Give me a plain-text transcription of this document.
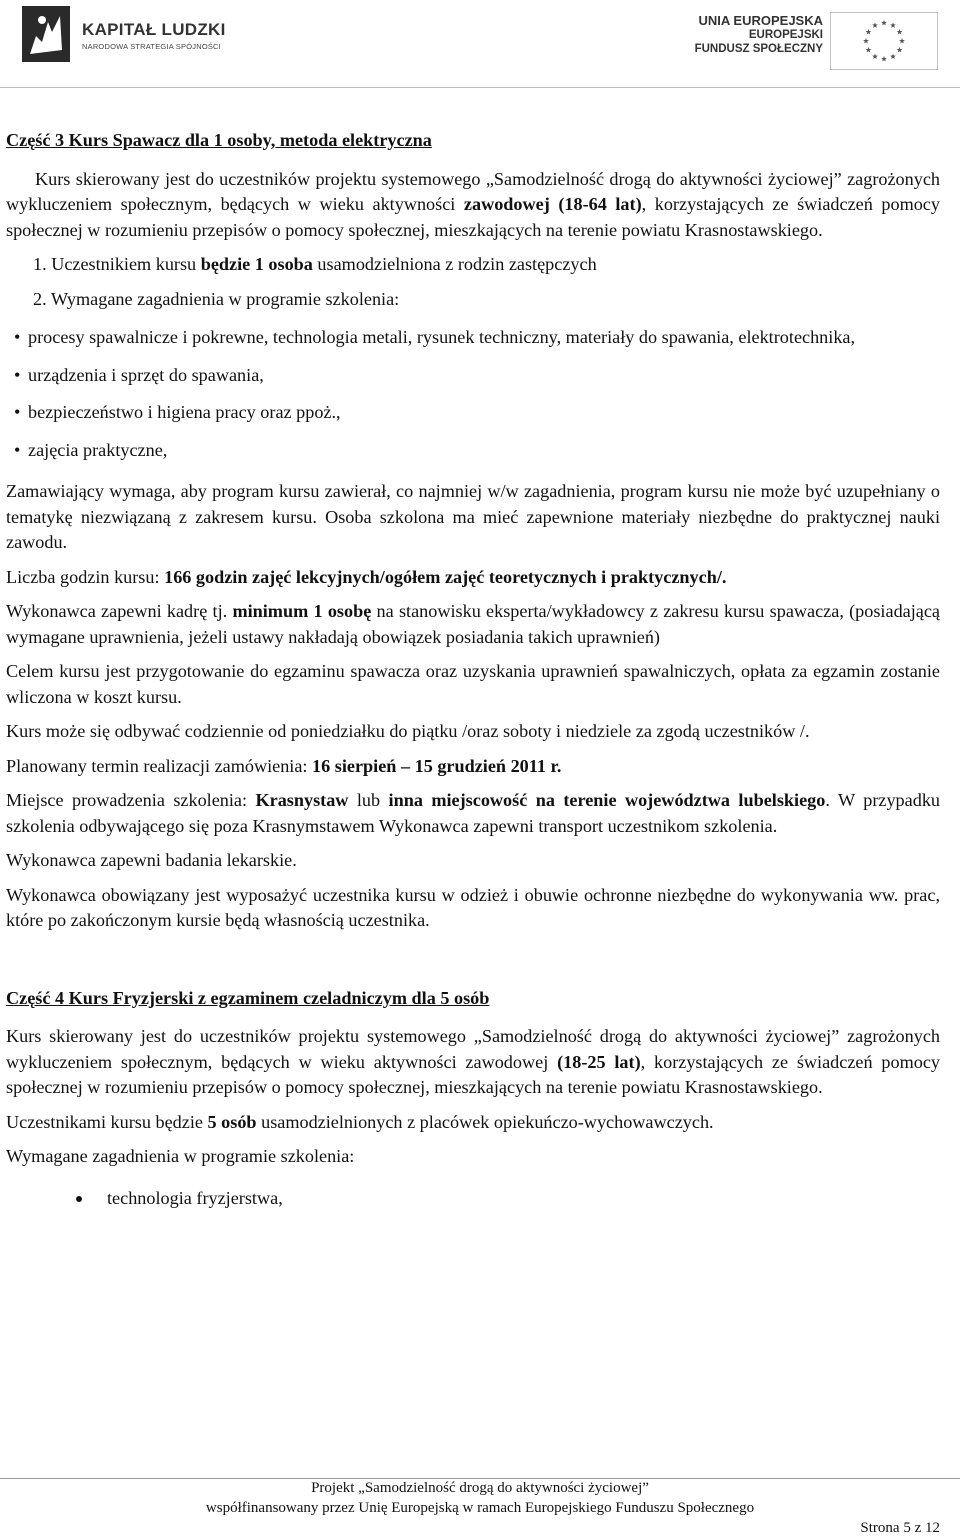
KAPITAŁ LUDZKI
NARODOWA STRATEGIA SPÓJNOŚCI
UNIA EUROPEJSKA
EUROPEJSKI
FUNDUSZ SPOŁECZNY

Część 3 Kurs Spawacz dla 1 osoby, metoda elektryczna

Kurs skierowany jest do uczestników projektu systemowego „Samodzielność drogą do aktywności życiowej” zagrożonych wykluczeniem społecznym, będących w wieku aktywności zawodowej (18-64 lat), korzystających ze świadczeń pomocy społecznej w rozumieniu przepisów o pomocy społecznej, mieszkających na terenie powiatu Krasnostawskiego.

1. Uczestnikiem kursu będzie 1 osoba usamodzielniona z rodzin zastępczych

2. Wymagane zagadnienia w programie szkolenia:

• procesy spawalnicze i pokrewne, technologia metali, rysunek techniczny, materiały do spawania, elektrotechnika,

• urządzenia i sprzęt do spawania,

• bezpieczeństwo i higiena pracy oraz ppoż.,

• zajęcia praktyczne,

Zamawiający wymaga, aby program kursu zawierał, co najmniej w/w zagadnienia, program kursu nie może być uzupełniany o tematykę niezwiązaną z zakresem kursu. Osoba szkolona ma mieć zapewnione materiały niezbędne do praktycznej nauki zawodu.

Liczba godzin kursu: 166 godzin zajęć lekcyjnych/ogółem zajęć teoretycznych i praktycznych/.

Wykonawca zapewni kadrę tj. minimum 1 osobę na stanowisku eksperta/wykładowcy z zakresu kursu spawacza, (posiadającą wymagane uprawnienia, jeżeli ustawy nakładają obowiązek posiadania takich uprawnień)

Celem kursu jest przygotowanie do egzaminu spawacza oraz uzyskania uprawnień spawalniczych, opłata za egzamin zostanie wliczona w koszt kursu.

Kurs może się odbywać codziennie od poniedziałku do piątku /oraz soboty i niedziele za zgodą uczestników /.

Planowany termin realizacji zamówienia: 16 sierpień – 15 grudzień 2011 r.

Miejsce prowadzenia szkolenia: Krasnystaw lub inna miejscowość na terenie województwa lubelskiego. W przypadku szkolenia odbywającego się poza Krasnymstawem Wykonawca zapewni transport uczestnikom szkolenia.

Wykonawca zapewni badania lekarskie.

Wykonawca obowiązany jest wyposażyć uczestnika kursu w odzież i obuwie ochronne niezbędne do wykonywania ww. prac, które po zakończonym kursie będą własnością uczestnika.

Część 4 Kurs Fryzjerski z egzaminem czeladniczym dla 5 osób

Kurs skierowany jest do uczestników projektu systemowego „Samodzielność drogą do aktywności życiowej” zagrożonych wykluczeniem społecznym, będących w wieku aktywności zawodowej (18-25 lat), korzystających ze świadczeń pomocy społecznej w rozumieniu przepisów o pomocy społecznej, mieszkających na terenie powiatu Krasnostawskiego.

Uczestnikami kursu będzie 5 osób usamodzielnionych z placówek opiekuńczo-wychowawczych.

Wymagane zagadnienia w programie szkolenia:

technologia fryzjerstwa,
Projekt „Samodzielność drogą do aktywności życiowej”
współfinansowany przez Unię Europejską w ramach Europejskiego Funduszu Społecznego
Strona 5 z 12
